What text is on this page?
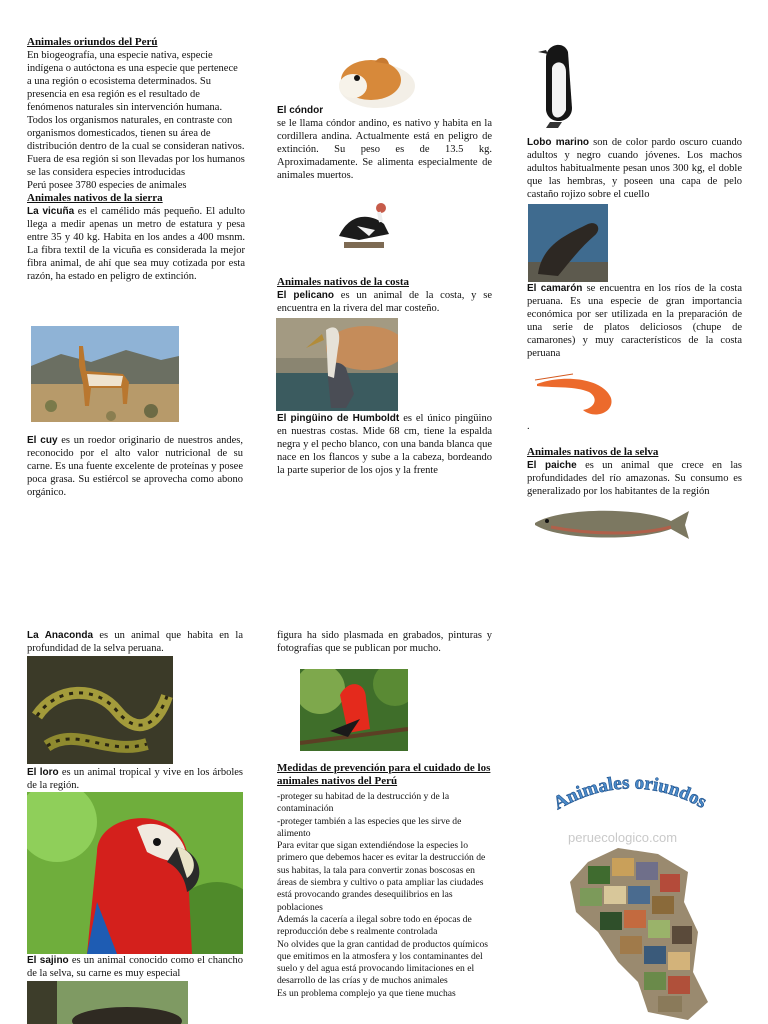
Animales oriundos del Perú
En biogeografía, una especie nativa, especie indígena o autóctona es una especie que pertenece a una región o ecosistema determinados. Su presencia en esa región es el resultado de fenómenos naturales sin intervención humana. Todos los organismos naturales, en contraste con organismos domesticados, tienen su área de distribución dentro de la cual se consideran nativos. Fuera de esa región si son llevadas por los humanos se las considera especies introducidas
Perú posee 3780 especies de animales
Animales nativos de la sierra
La vicuña es el camélido más pequeño. El adulto llega a medir apenas un metro de estatura y pesa entre 35 y 40 kg. Habita en los andes a 400 msnm. La fibra textil de la vicuña es considerada la mejor fibra animal, de ahí que sea muy cotizada por esta razón, ha estado en peligro de extinción.
El cuy es un roedor originario de nuestros andes, reconocido por el alto valor nutricional de su carne. Es una fuente excelente de proteínas y posee poca grasa. Su estiércol se aprovecha como abono orgánico.
La Anaconda es un animal que habita en la profundidad de la selva peruana.
El loro es un animal tropical y vive en los árboles de la región.
El sajino es un animal conocido como el chancho de la selva, su carne es muy especial
El cóndor
se le llama cóndor andino, es nativo y habita en la cordillera andina. Actualmente está en peligro de extinción. Su peso es de 13.5 kg. Aproximadamente. Se alimenta especialmente de animales muertos.
Animales nativos de la costa
El pelicano es un animal de la costa, y se encuentra en la rivera del mar costeño.
El pingüino de Humboldt es el único pingüino en nuestras costas. Mide 68 cm, tiene la espalda negra y el pecho blanco, con una banda blanca que nace en los flancos y sube a la cabeza, bordeando la parte superior de los ojos y la frente
figura ha sido plasmada en grabados, pinturas y fotografías que se publican por mucho.
Medidas de prevención para el cuidado de los animales nativos del Perú
-proteger su habitad de la destrucción y de la contaminación
-proteger también a las especies que les sirve de alimento
Para evitar que sigan extendiéndose la especies lo primero que debemos hacer es evitar la destrucción de sus habitas, la tala para convertir zonas boscosas en áreas de siembra y cultivo o pata ampliar las ciudades está provocando grandes desequilibrios en las poblaciones
Además la cacería a ilegal sobre todo en épocas de reproducción debe s realmente controlada
No olvides que la gran cantidad de productos químicos que emitimos en la atmosfera y los contaminantes del suelo y del agua está provocando limitaciones en el desarrollo de las crías y de muchos animales
Es un problema complejo ya que tiene muchas
Lobo marino son de color pardo oscuro cuando adultos y negro cuando jóvenes. Los machos adultos habitualmente pesan unos 300 kg, el doble que las hembras, y poseen una capa de pelo castaño rojizo sobre el cuello
El camarón se encuentra en los ríos de la costa peruana. Es una especie de gran importancia económica por ser utilizada en la preparación de una serie de platos deliciosos (chupe de camarones) y muy característicos de la costa peruana
.
Animales nativos de la selva
El paiche es un animal que crece en las profundidades del río amazonas. Su consumo es generalizado por los habitantes de la región
Animales oriundos
peruecologico.com
